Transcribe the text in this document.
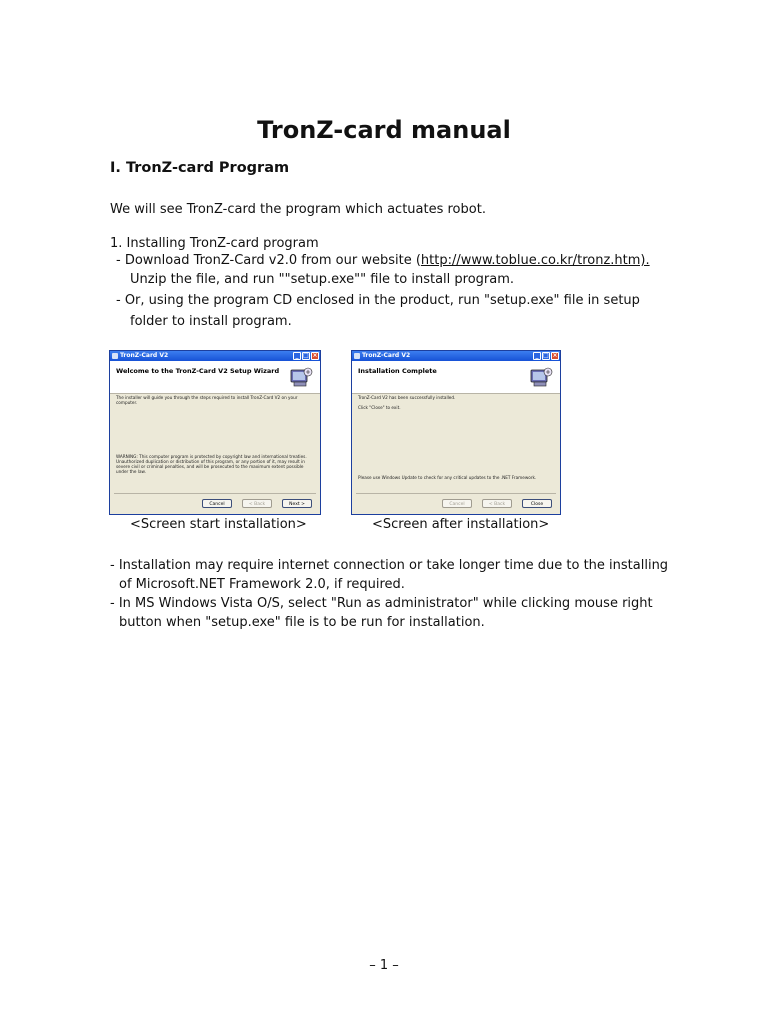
TronZ-card manual
I. TronZ-card Program
We will see TronZ-card the program which actuates robot.
1. Installing TronZ-card program
- Download TronZ-Card v2.0 from our website (http://www.toblue.co.kr/tronz.htm).
Unzip the file, and run ""setup.exe"" file to install program.
- Or, using the program CD enclosed in the product, run "setup.exe" file in setup
folder to install program.
TronZ-Card V2	_ □ ×
Welcome to the TronZ-Card V2 Setup Wizard
The installer will guide you through the steps required to install TronZ-Card V2 on your computer.
WARNING: This computer program is protected by copyright law and international treaties. Unauthorized duplication or distribution of this program, or any portion of it, may result in severe civil or criminal penalties, and will be prosecuted to the maximum extent possible under the law.
Cancel	< Back	Next >
TronZ-Card V2	_ □ ×
Installation Complete
TronZ-Card V2 has been successfully installed.
Click "Close" to exit.
Please use Windows Update to check for any critical updates to the .NET Framework.
Cancel	< Back	Close
<Screen start installation>	<Screen after installation>
- Installation may require internet connection or take longer time due to the installing
of Microsoft.NET Framework 2.0, if required.
- In MS Windows Vista O/S, select "Run as administrator" while clicking mouse right
button when "setup.exe" file is to be run for installation.
– 1 –
